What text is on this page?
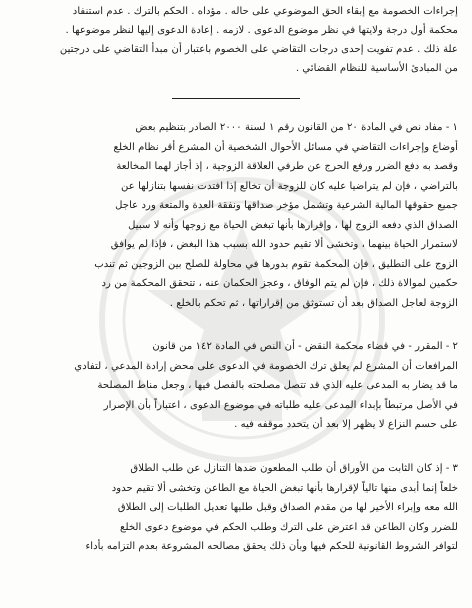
إجراءات الخصومة مع إبقاء الحق الموضوعي على حاله . مؤداه . الحكم بالترك . عدم استنفاد
محكمة أول درجة ولايتها في نظر موضوع الدعوى . لازمه . إعادة الدعوى إليها لنظر موضوعها .
علة ذلك . عدم تفويت إحدى درجات التقاضي على الخصوم باعتبار أن مبدأ التقاضي على درجتين
من المبادئ الأساسية للنظام القضائي .
١ - مفاد نص في المادة ٢٠ من القانون رقم ١ لسنة ٢٠٠٠ الصادر بتنظيم بعض
أوضاع وإجراءات التقاضي في مسائل الأحوال الشخصية أن المشرع أقر نظام الخلع
وقصد به دفع الضرر ورفع الحرج عن طرفي العلاقة الزوجية ، إذ أجاز لهما المخالعة
بالتراضي ، فإن لم يتراضيا عليه كان للزوجة أن تخالع إذا افتدت نفسها بتنازلها عن
جميع حقوقها المالية الشرعية وتشمل مؤخر صداقها ونفقة العدة والمتعة ورد عاجل
الصداق الذي دفعه الزوج لها ، وإقرارها بأنها تبغض الحياة مع زوجها وأنه لا سبيل
لاستمرار الحياة بينهما ، وتخشى ألا تقيم حدود الله بسبب هذا البغض ، فإذا لم يوافق
الزوج على التطليق ، فإن المحكمة تقوم بدورها في محاولة للصلح بين الزوجين ثم تندب
حكمين لموالاة ذلك ، فإن لم يتم الوفاق ، وعجز الحكمان عنه ، تتحقق المحكمة من رد
الزوجة لعاجل الصداق بعد أن تستوثق من إقراراتها ، ثم تحكم بالخلع .
٢ - المقرر - في قضاء محكمة النقض - أن النص في المادة ١٤٢ من قانون
المرافعات أن المشرع لم يعلق ترك الخصومة في الدعوى على محض إرادة المدعي ، لتفادي
ما قد يضار به المدعى عليه الذي قد تتصل مصلحته بالفصل فيها ، وجعل مناط المصلحة
في الأصل مرتبطاً بإبداء المدعى عليه طلباته في موضوع الدعوى ، اعتباراً بأن الإصرار
على حسم النزاع لا يظهر إلا بعد أن يتحدد موقفه فيه .
٣ - إذ كان الثابت من الأوراق أن طلب المطعون ضدها التنازل عن طلب الطلاق
خلعاً إنما أبدى منها تالياً لإقرارها بأنها تبغض الحياة مع الطاعن وتخشى ألا تقيم حدود
الله معه وإبراء الأخير لها من مقدم الصداق وقبل طلبها تعديل الطلبات إلى الطلاق
للضرر وكان الطاعن قد اعترض على الترك وطلب الحكم في موضوع دعوى الخلع
لتوافر الشروط القانونية للحكم فيها وبأن ذلك يحقق مصالحه المشروعة بعدم التزامه بأداء
